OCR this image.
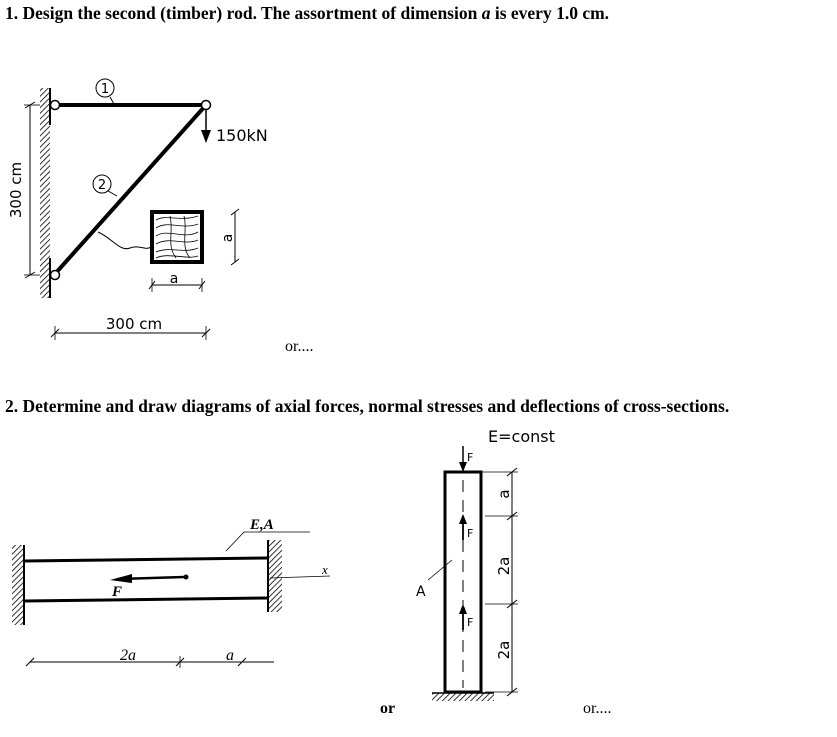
1. Design the second (timber) rod. The assortment of dimension a is every 1.0 cm.
2. Determine and draw diagrams of axial forces, normal stresses and deflections of cross-sections.
1
2
150kN
a
a
300 cm
300 cm
or....
F
E,A
x
2a	a
E=const
F
F
F
A
a
2a
2a
or	or....
